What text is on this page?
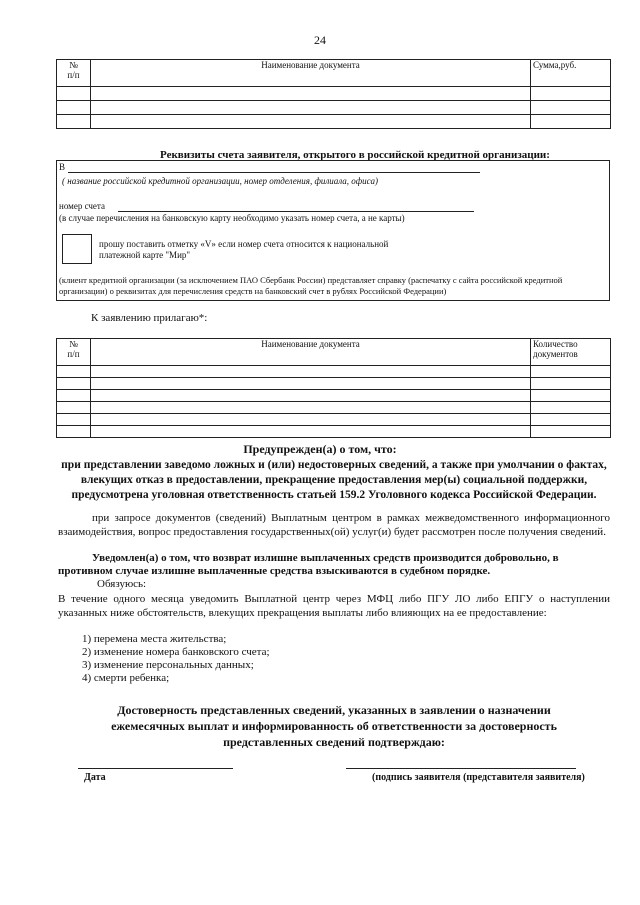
24
№
п/п	Наименование документа	Сумма,руб.

Реквизиты счета заявителя, открытого в российской кредитной организации:
В
( название российской кредитной организации, номер отделения, филиала, офиса)
номер счета
(в случае перечисления на банковскую карту необходимо указать номер счета, а не карты)
прошу поставить отметку «V» если номер счета относится к национальной
платежной карте "Мир"
(клиент кредитной организации (за исключением ПАО Сбербанк России) представляет справку (распечатку с сайта российской кредитной организации) о реквизитах для перечисления средств на банковский счет в рублях Российской Федерации)
К заявлению прилагаю*:
№
п/п	Наименование документа	Количество
документов

Предупрежден(а) о том, что:
при представлении заведомо ложных и (или) недостоверных сведений, а также при умолчании о фактах, влекущих отказ в предоставлении, прекращение предоставления мер(ы) социальной поддержки, предусмотрена уголовная ответственность статьей 159.2 Уголовного кодекса Российской Федерации.
при запросе документов (сведений) Выплатным центром в рамках межведомственного информационного взаимодействия, вопрос предоставления государственных(ой) услуг(и) будет рассмотрен после получения сведений.
Уведомлен(а) о том, что возврат излишне выплаченных средств производится добровольно, в противном случае излишне выплаченные средства взыскиваются в судебном порядке.
Обязуюсь:
В течение одного месяца уведомить Выплатной центр через МФЦ либо ПГУ ЛО либо ЕПГУ о наступлении указанных ниже обстоятельств, влекущих прекращения выплаты либо влияющих на ее предоставление:
1) перемена места жительства;
2) изменение номера банковского счета;
3) изменение персональных данных;
4) смерти ребенка;
Достоверность представленных сведений, указанных в заявлении о назначении ежемесячных выплат и информированность об ответственности за достоверность представленных сведений подтверждаю:
Дата	(подпись заявителя (представителя заявителя)
